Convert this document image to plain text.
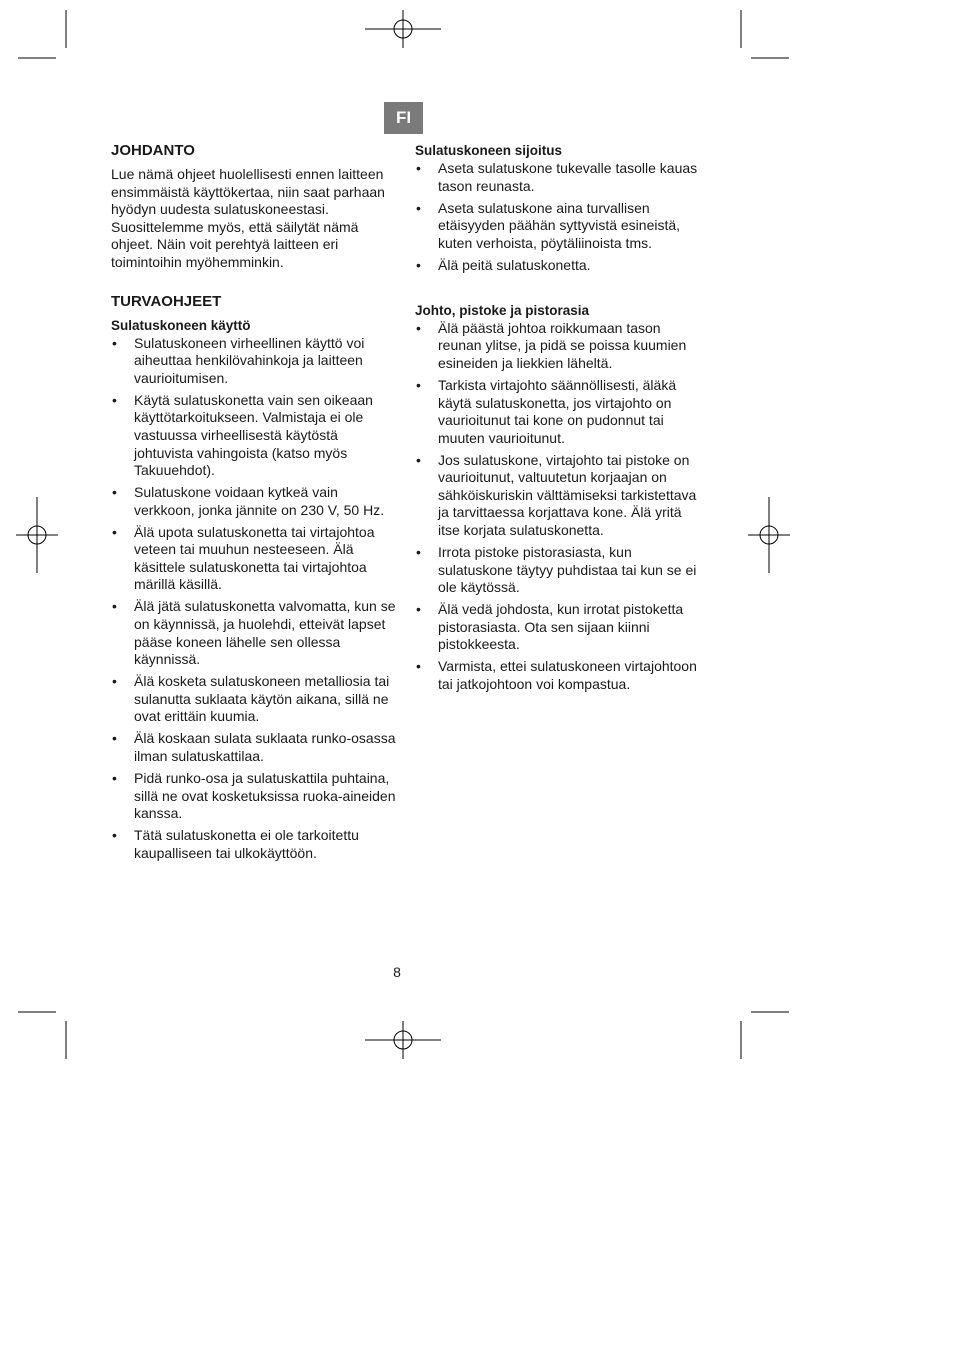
FI
JOHDANTO

Lue nämä ohjeet huolellisesti ennen laitteen ensimmäistä käyttökertaa, niin saat parhaan hyödyn uudesta sulatuskoneestasi. Suosittelemme myös, että säilytät nämä ohjeet. Näin voit perehtyä laitteen eri toimintoihin myöhemminkin.

TURVAOHJEET
Sulatuskoneen käyttö
• Sulatuskoneen virheellinen käyttö voi aiheuttaa henkilövahinkoja ja laitteen vaurioitumisen.
• Käytä sulatuskonetta vain sen oikeaan käyttötarkoitukseen. Valmistaja ei ole vastuussa virheellisestä käytöstä johtuvista vahingoista (katso myös Takuuehdot).
• Sulatuskone voidaan kytkeä vain verkkoon, jonka jännite on 230 V, 50 Hz.
• Älä upota sulatuskonetta tai virtajohtoa veteen tai muuhun nesteeseen. Älä käsittele sulatuskonetta tai virtajohtoa märillä käsillä.
• Älä jätä sulatuskonetta valvomatta, kun se on käynnissä, ja huolehdi, etteivät lapset pääse koneen lähelle sen ollessa käynnissä.
• Älä kosketa sulatuskoneen metalliosia tai sulanutta suklaata käytön aikana, sillä ne ovat erittäin kuumia.
• Älä koskaan sulata suklaata runko-osassa ilman sulatuskattilaa.
• Pidä runko-osa ja sulatuskattila puhtaina, sillä ne ovat kosketuksissa ruoka-aineiden kanssa.
• Tätä sulatuskonetta ei ole tarkoitettu kaupalliseen tai ulkokäyttöön.
Sulatuskoneen sijoitus
• Aseta sulatuskone tukevalle tasolle kauas tason reunasta.
• Aseta sulatuskone aina turvallisen etäisyyden päähän syttyvistä esineistä, kuten verhoista, pöytäliinoista tms.
• Älä peitä sulatuskonetta.
Johto, pistoke ja pistorasia
• Älä päästä johtoa roikkumaan tason reunan ylitse, ja pidä se poissa kuumien esineiden ja liekkien läheltä.
• Tarkista virtajohto säännöllisesti, äläkä käytä sulatuskonetta, jos virtajohto on vaurioitunut tai kone on pudonnut tai muuten vaurioitunut.
• Jos sulatuskone, virtajohto tai pistoke on vaurioitunut, valtuutetun korjaajan on sähköiskuriskin välttämiseksi tarkistettava ja tarvittaessa korjattava kone. Älä yritä itse korjata sulatuskonetta.
• Irrota pistoke pistorasiasta, kun sulatuskone täytyy puhdistaa tai kun se ei ole käytössä.
• Älä vedä johdosta, kun irrotat pistoketta pistorasiasta. Ota sen sijaan kiinni pistokkeesta.
• Varmista, ettei sulatuskoneen virtajohtoon tai jatkojohtoon voi kompastua.
8
